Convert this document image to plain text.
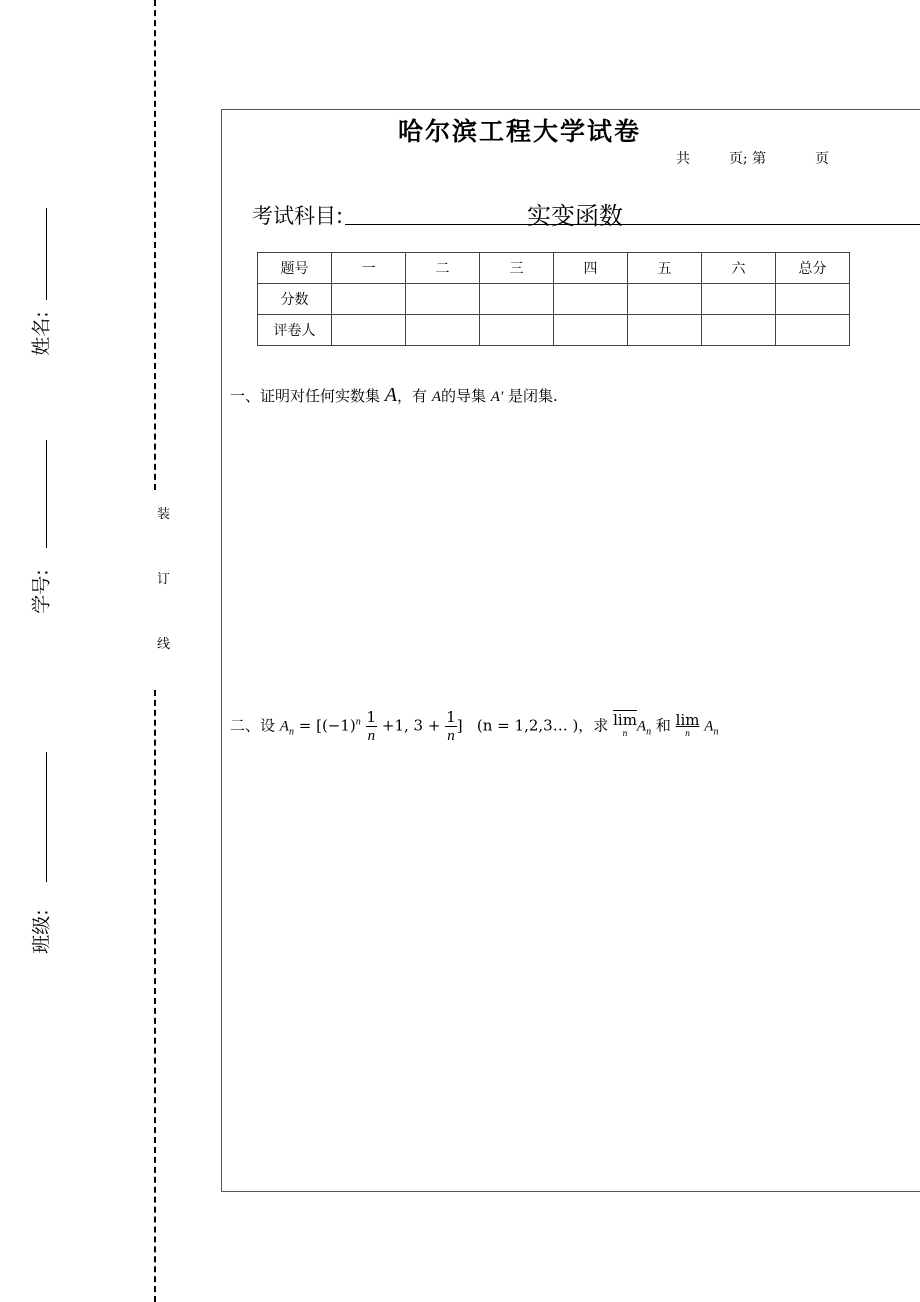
装
订
线
姓名:
学号:
班级:
哈尔滨工程大学试卷
共	页; 第	页
考试科目:	实变函数
题号	一	二	三	四	五	六	总分
分数							
评卷人							
一、证明对任何实数集 A，有 A的导集 A′ 是闭集.
二、设 $A_n = [(-1)^n \frac{1}{n} +1$, $3 + \frac{1}{n}$ ] (n = 1,2,3… )，求 $\overline{lim}$
n $A_n$ 和 lim
n $A_n$
